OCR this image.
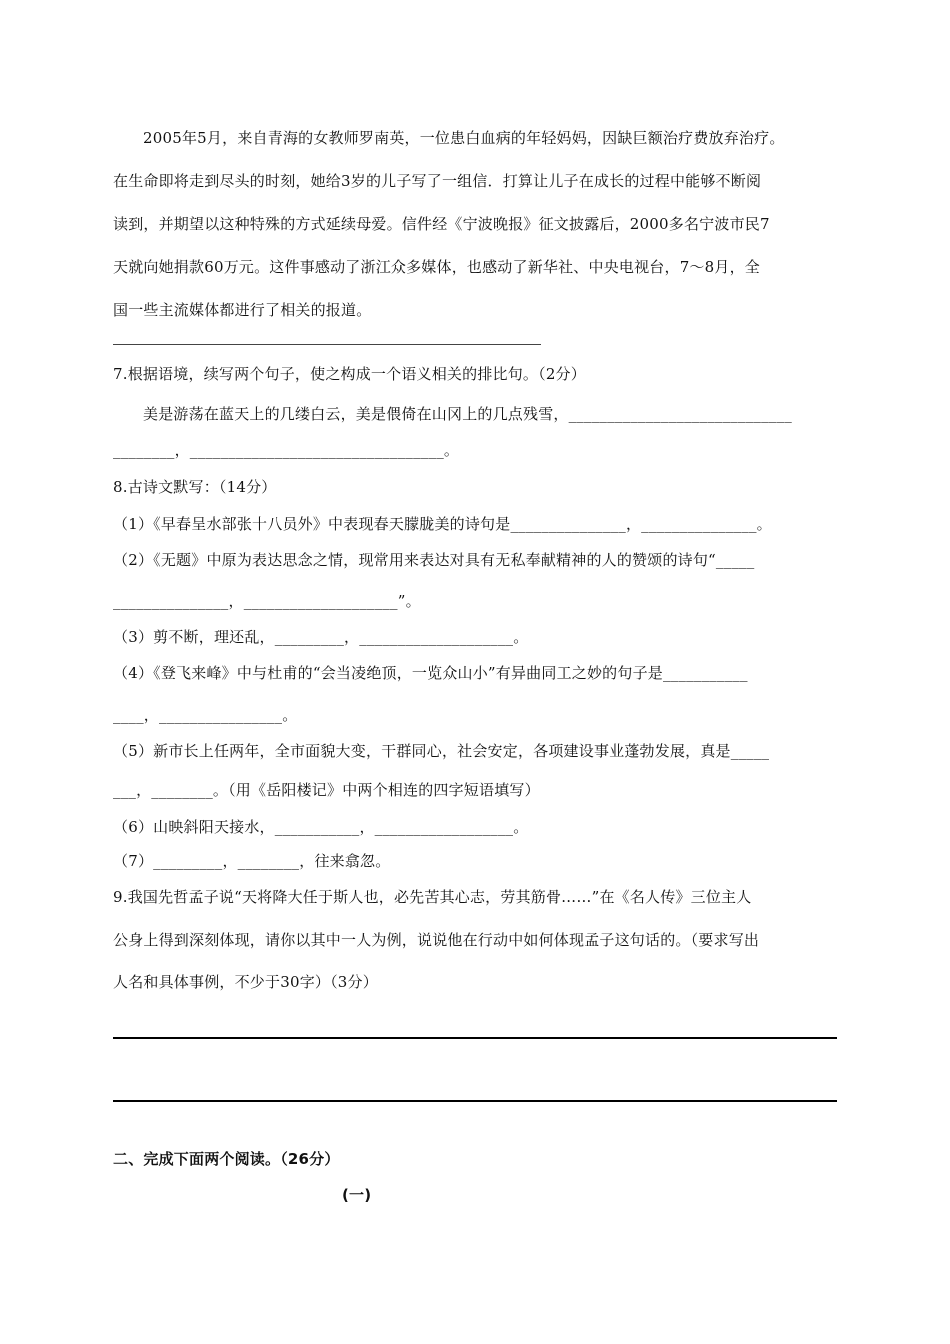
2005年5月，来自青海的女教师罗南英，一位患白血病的年轻妈妈，因缺巨额治疗费放弃治疗。
在生命即将走到尽头的时刻，她给3岁的儿子写了一组信．打算让儿子在成长的过程中能够不断阅
读到，并期望以这种特殊的方式延续母爱。信件经《宁波晚报》征文披露后，2000多名宁波市民7
天就向她捐款60万元。这件事感动了浙江众多媒体，也感动了新华社、中央电视台，7～8月，全
国一些主流媒体都进行了相关的报道。
7.根据语境，续写两个句子，使之构成一个语义相关的排比句。（2分）
美是游荡在蓝天上的几缕白云，美是偎倚在山冈上的几点残雪，_____________________________
________，_________________________________。
8.古诗文默写：（14分）
（1）《早春呈水部张十八员外》中表现春天朦胧美的诗句是_______________，_______________。
（2）《无题》中原为表达思念之情，现常用来表达对具有无私奉献精神的人的赞颂的诗句“_____
_______________，____________________”。
（3）剪不断，理还乱，_________，____________________。
（4）《登飞来峰》中与杜甫的“会当凌绝顶，一览众山小”有异曲同工之妙的句子是___________
____，________________。
（5）新市长上任两年，全市面貌大变，干群同心，社会安定，各项建设事业蓬勃发展，真是_____
___，________。（用《岳阳楼记》中两个相连的四字短语填写）
（6）山映斜阳天接水，___________，__________________。
（7）_________，________，往来翕忽。
9.我国先哲孟子说“天将降大任于斯人也，必先苦其心志，劳其筋骨……”在《名人传》三位主人
公身上得到深刻体现，请你以其中一人为例，说说他在行动中如何体现孟子这句话的。（要求写出
人名和具体事例，不少于30字）（3分）
二、完成下面两个阅读。（26分）
(一)
